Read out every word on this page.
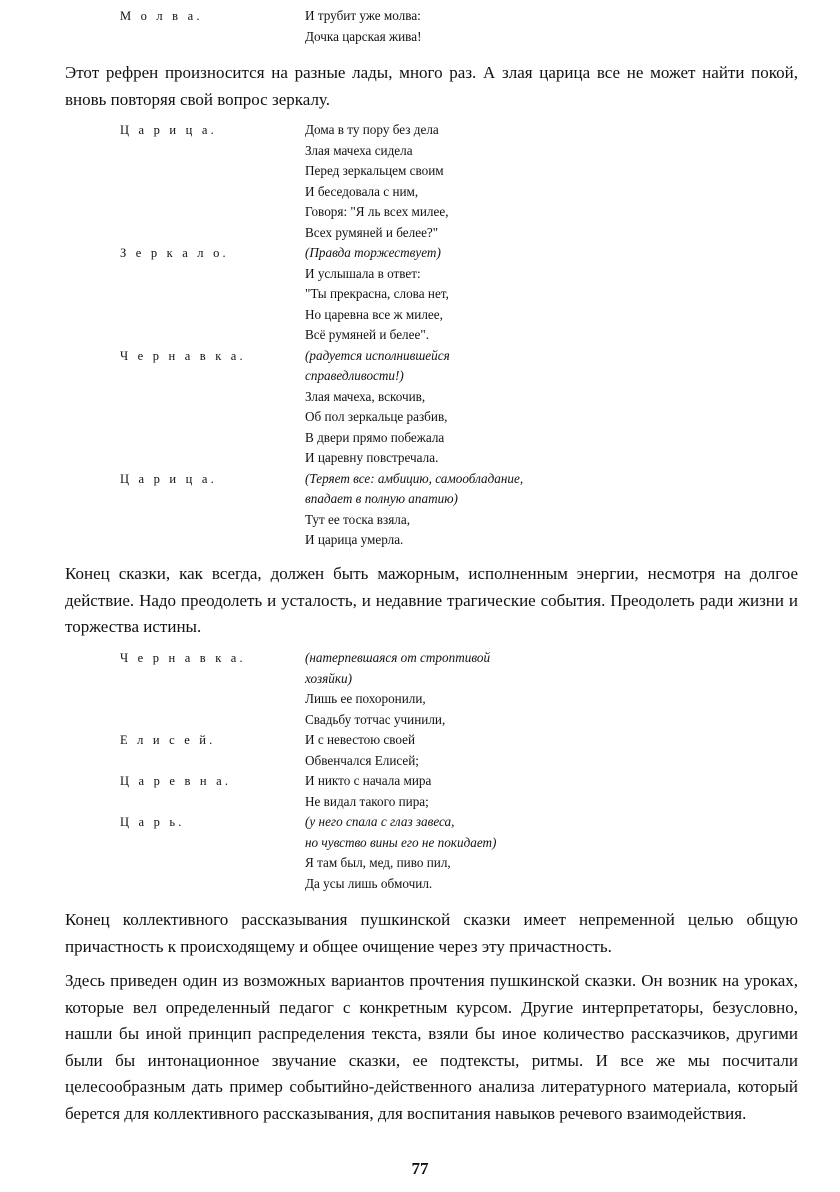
М о л в а.	И трубит уже молва:
Дочка царская жива!

Этот рефрен произносится на разные лады, много раз. А злая царица все не может найти покой, вновь повторяя свой вопрос зеркалу.

Ц а р и ц а.	Дома в ту пору без дела
Злая мачеха сидела
Перед зеркальцем своим
И беседовала с ним,
Говоря: "Я ль всех милее,
Всех румяней и белее?"
З е р к а л о.	(Правда торжествует)
И услышала в ответ:
"Ты прекрасна, слова нет,
Но царевна все ж милее,
Всё румяней и белее".
Ч е р н а в к а.	(радуется исполнившейся
справедливости!)
Злая мачеха, вскочив,
Об пол зеркальце разбив,
В двери прямо побежала
И царевну повстречала.
Ц а р и ц а.	(Теряет все: амбицию, самообладание,
впадает в полную апатию)
Тут ее тоска взяла,
И царица умерла.

Конец сказки, как всегда, должен быть мажорным, исполненным энергии, несмотря на долгое действие. Надо преодолеть и усталость, и недавние трагические события. Преодолеть ради жизни и торжества истины.

Ч е р н а в к а.	(натерпевшаяся от строптивой
хозяйки)
Лишь ее похоронили,
Свадьбу тотчас учинили,
Е л и с е й.	И с невестою своей
Обвенчался Елисей;
Ц а р е в н а.	И никто с начала мира
Не видал такого пира;
Ц а р ь.	(у него спала с глаз завеса,
но чувство вины его не покидает)
Я там был, мед, пиво пил,
Да усы лишь обмочил.

Конец коллективного рассказывания пушкинской сказки имеет непременной целью общую причастность к происходящему и общее очищение через эту причастность.

Здесь приведен один из возможных вариантов прочтения пушкинской сказки. Он возник на уроках, которые вел определенный педагог с конкретным курсом. Другие интерпретаторы, безусловно, нашли бы иной принцип распределения текста, взяли бы иное количество рассказчиков, другими были бы интонационное звучание сказки, ее подтексты, ритмы. И все же мы посчитали целесообразным дать пример событийно-действенного анализа литературного материала, который берется для коллективного рассказывания, для воспитания навыков речевого взаимодействия.

77
